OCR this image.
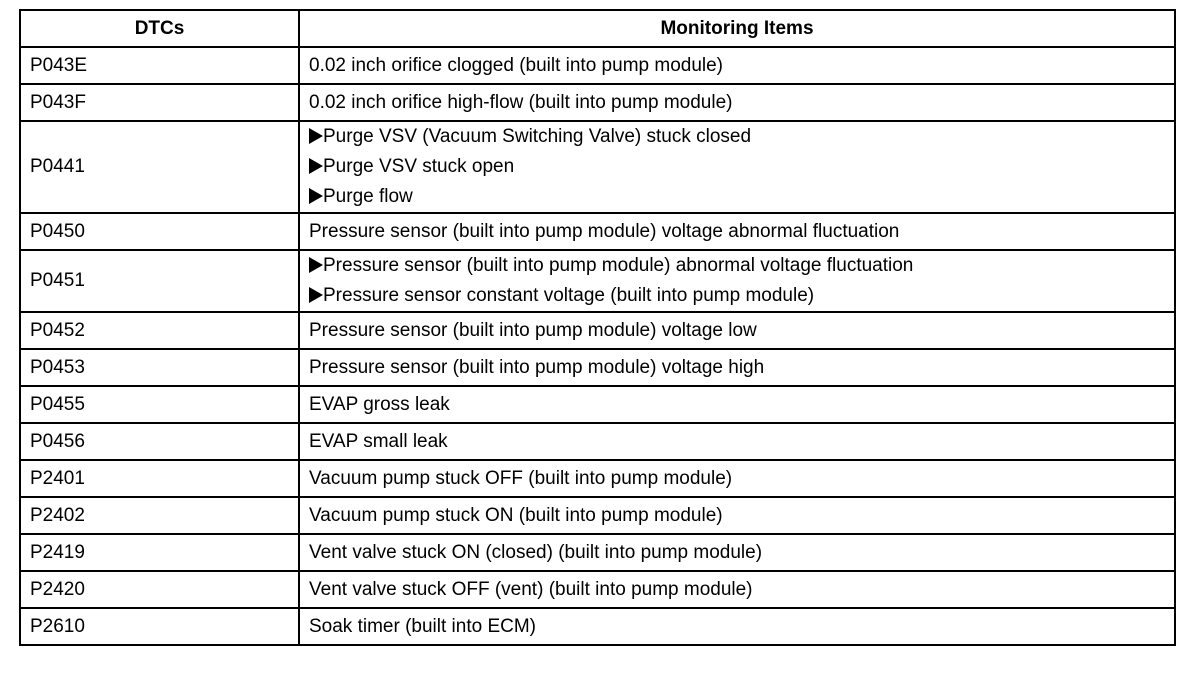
DTCs	Monitoring Items
P043E	0.02 inch orifice clogged (built into pump module)

P043F	0.02 inch orifice high-flow (built into pump module)

P0441	Purge VSV (Vacuum Switching Valve) stuck closed
Purge VSV stuck open
Purge flow

P0450	Pressure sensor (built into pump module) voltage abnormal fluctuation

P0451	Pressure sensor (built into pump module) abnormal voltage fluctuation
Pressure sensor constant voltage (built into pump module)

P0452	Pressure sensor (built into pump module) voltage low

P0453	Pressure sensor (built into pump module) voltage high

P0455	EVAP gross leak

P0456	EVAP small leak

P2401	Vacuum pump stuck OFF (built into pump module)

P2402	Vacuum pump stuck ON (built into pump module)

P2419	Vent valve stuck ON (closed) (built into pump module)

P2420	Vent valve stuck OFF (vent) (built into pump module)

P2610	Soak timer (built into ECM)
